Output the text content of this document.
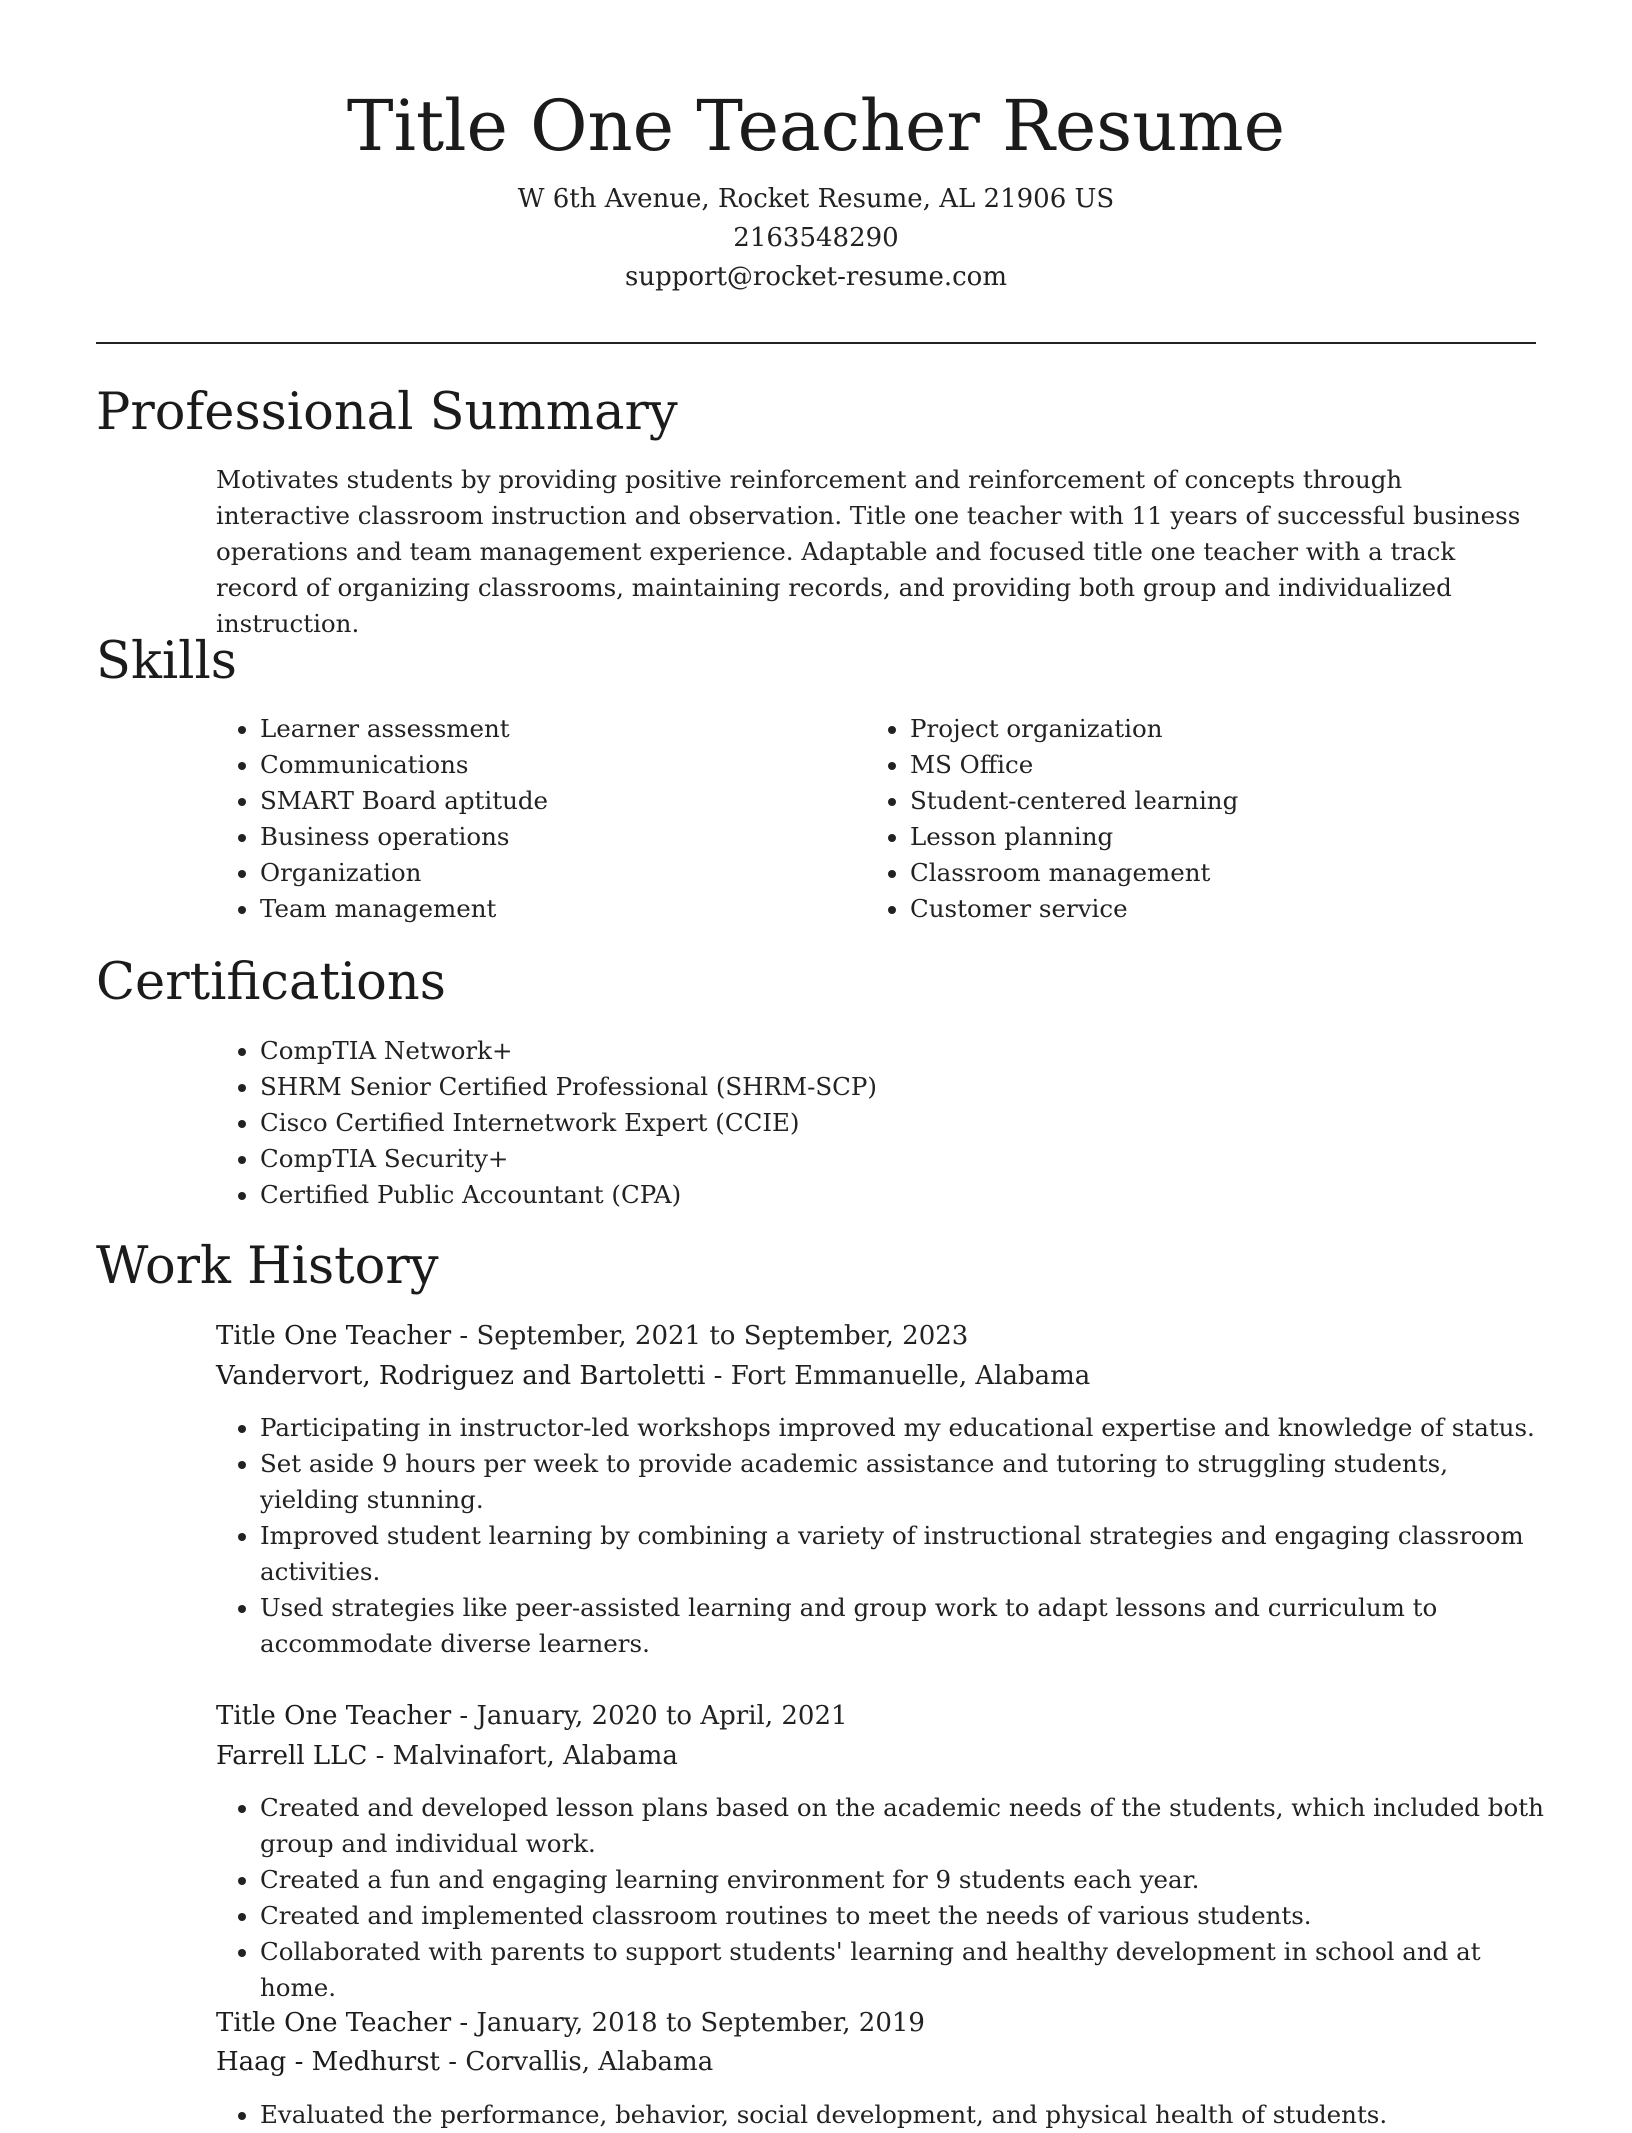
Title One Teacher Resume
W 6th Avenue, Rocket Resume, AL 21906 US
2163548290
support@rocket-resume.com
Professional Summary

Motivates students by providing positive reinforcement and reinforcement of concepts through interactive classroom instruction and observation. Title one teacher with 11 years of successful business operations and team management experience. Adaptable and focused title one teacher with a track record of organizing classrooms, maintaining records, and providing both group and individualized instruction.

Skills
• Learner assessment
• Communications
• SMART Board aptitude
• Business operations
• Organization
• Team management
• Project organization
• MS Office
• Student-centered learning
• Lesson planning
• Classroom management
• Customer service
Certifications
• CompTIA Network+
• SHRM Senior Certified Professional (SHRM-SCP)
• Cisco Certified Internetwork Expert (CCIE)
• CompTIA Security+
• Certified Public Accountant (CPA)
Work History
Title One Teacher - September, 2021 to September, 2023
Vandervort, Rodriguez and Bartoletti - Fort Emmanuelle, Alabama
• Participating in instructor-led workshops improved my educational expertise and knowledge of status.
• Set aside 9 hours per week to provide academic assistance and tutoring to struggling students, yielding stunning.
• Improved student learning by combining a variety of instructional strategies and engaging classroom activities.
• Used strategies like peer-assisted learning and group work to adapt lessons and curriculum to accommodate diverse learners.
Title One Teacher - January, 2020 to April, 2021
Farrell LLC - Malvinafort, Alabama
• Created and developed lesson plans based on the academic needs of the students, which included both group and individual work.
• Created a fun and engaging learning environment for 9 students each year.
• Created and implemented classroom routines to meet the needs of various students.
• Collaborated with parents to support students' learning and healthy development in school and at home.
Title One Teacher - January, 2018 to September, 2019
Haag - Medhurst - Corvallis, Alabama
• Evaluated the performance, behavior, social development, and physical health of students.
